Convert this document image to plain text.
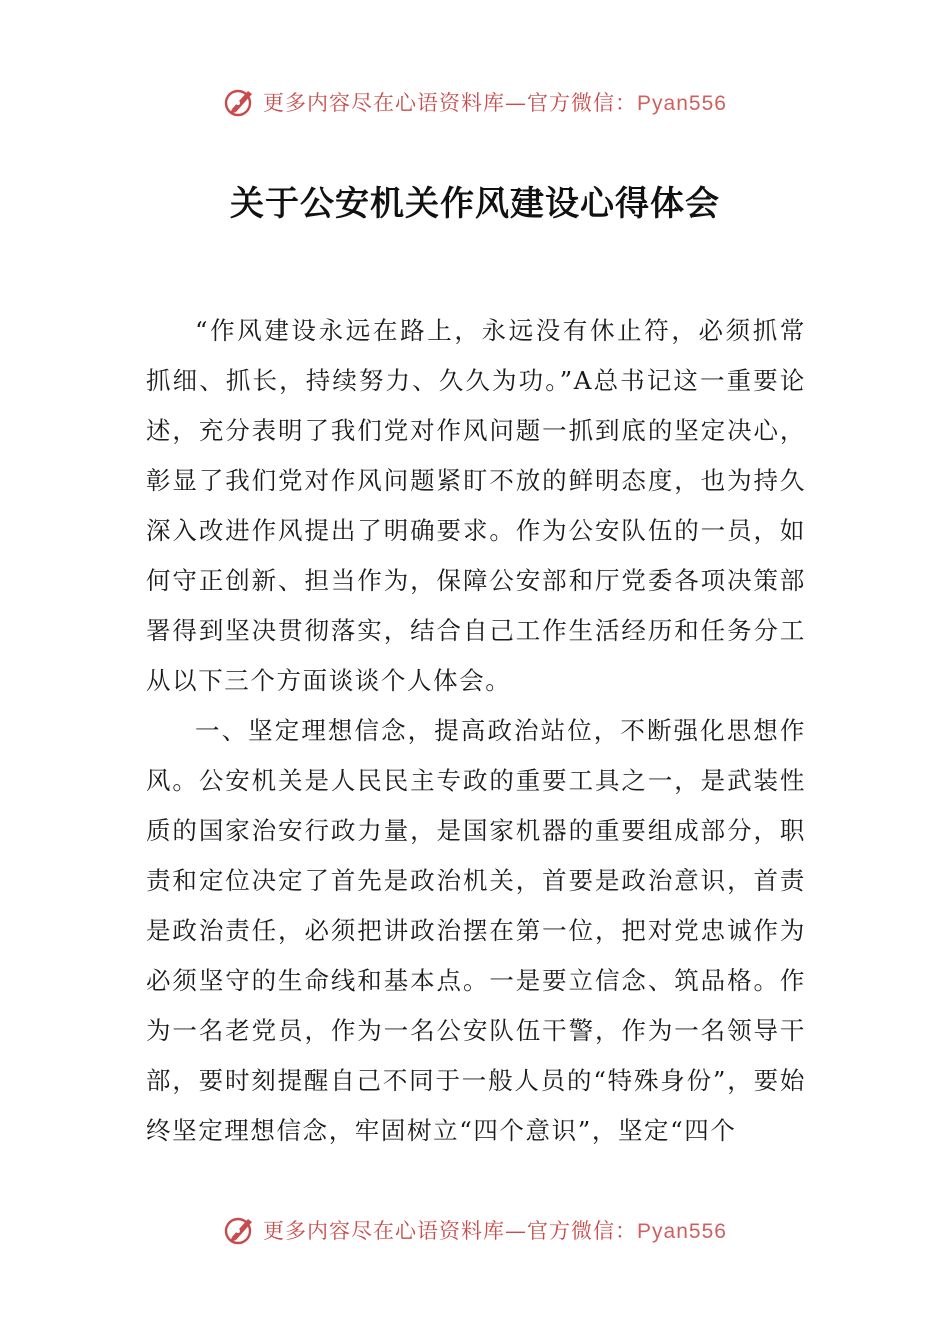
更多内容尽在心语资料库—官方微信：Pyan556
关于公安机关作风建设心得体会

“作风建设永远在路上，永远没有休止符，必须抓常抓细、抓长，持续努力、久久为功。”A总书记这一重要论述，充分表明了我们党对作风问题一抓到底的坚定决心，彰显了我们党对作风问题紧盯不放的鲜明态度，也为持久深入改进作风提出了明确要求。作为公安队伍的一员，如何守正创新、担当作为，保障公安部和厅党委各项决策部署得到坚决贯彻落实，结合自己工作生活经历和任务分工从以下三个方面谈谈个人体会。

一、坚定理想信念，提高政治站位，不断强化思想作风。公安机关是人民民主专政的重要工具之一，是武装性质的国家治安行政力量，是国家机器的重要组成部分，职责和定位决定了首先是政治机关，首要是政治意识，首责是政治责任，必须把讲政治摆在第一位，把对党忠诚作为必须坚守的生命线和基本点。一是要立信念、筑品格。作为一名老党员，作为一名公安队伍干警，作为一名领导干部，要时刻提醒自己不同于一般人员的“特殊身份”，要始终坚定理想信念，牢固树立“四个意识”，坚定“四个

更多内容尽在心语资料库—官方微信：Pyan556
